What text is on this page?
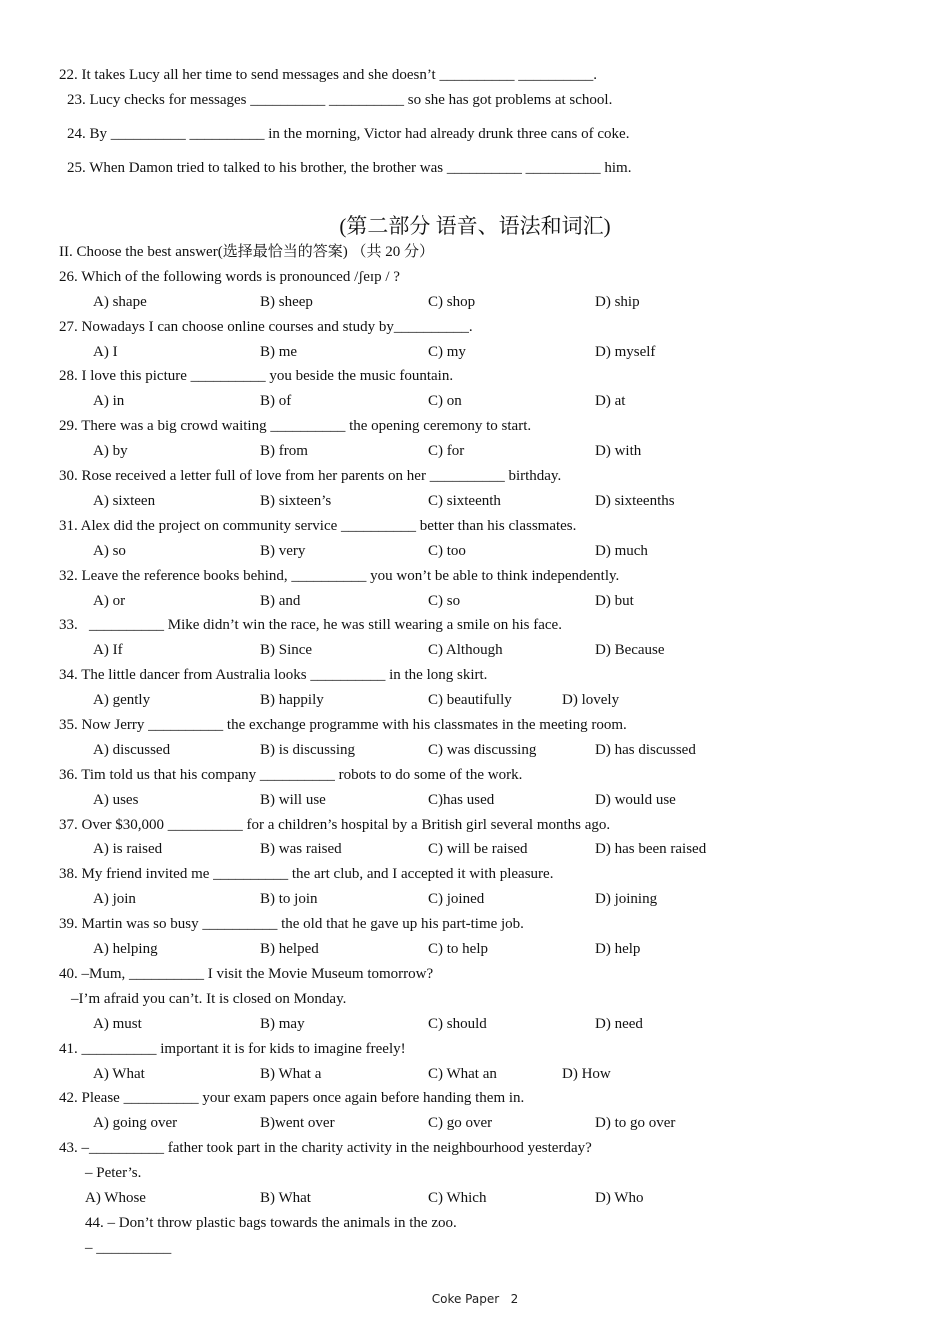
22. It takes Lucy all her time to send messages and she doesn’t __________ __________.
23. Lucy checks for messages __________ __________ so she has got problems at school.
24. By __________ __________ in the morning, Victor had already drunk three cans of coke.
25. When Damon tried to talked to his brother, the brother was __________ __________ him.
(第二部分 语音、语法和词汇)
II. Choose the best answer(选择最恰当的答案) （共 20 分）
26. Which of the following words is pronounced /ʃeɪp / ?
A) shape	B) sheep	C) shop	D) ship
27. Nowadays I can choose online courses and study by__________.
A) I	B) me	C) my	D) myself
28. I love this picture __________ you beside the music fountain.
A) in	B) of	C) on	D) at
29. There was a big crowd waiting __________ the opening ceremony to start.
A) by	B) from	C) for	D) with
30. Rose received a letter full of love from her parents on her __________ birthday.
A) sixteen	B) sixteen’s	C) sixteenth	D) sixteenths
31. Alex did the project on community service __________ better than his classmates.
A) so	B) very	C) too	D) much
32. Leave the reference books behind, __________ you won’t be able to think independently.
A) or	B) and	C) so	D) but
33.   __________ Mike didn’t win the race, he was still wearing a smile on his face.
A) If	B) Since	C) Although	D) Because
34. The little dancer from Australia looks __________ in the long skirt.
A) gently	B) happily	C) beautifully	D) lovely
35. Now Jerry __________ the exchange programme with his classmates in the meeting room.
A) discussed	B) is discussing	C) was discussing	D) has discussed
36. Tim told us that his company __________ robots to do some of the work.
A) uses	B) will use	C)has used	D) would use
37. Over $30,000 __________ for a children’s hospital by a British girl several months ago.
A) is raised	B) was raised	C) will be raised	D) has been raised
38. My friend invited me __________ the art club, and I accepted it with pleasure.
A) join	B) to join	C) joined	D) joining
39. Martin was so busy __________ the old that he gave up his part-time job.
A) helping	B) helped	C) to help	D) help
40. –Mum, __________ I visit the Movie Museum tomorrow?
–I’m afraid you can’t. It is closed on Monday.
A) must	B) may	C) should	D) need
41. __________ important it is for kids to imagine freely!
A) What	B) What a	C) What an	D) How
42. Please __________ your exam papers once again before handing them in.
A) going over	B)went over	C) go over	D) to go over
43. –__________ father took part in the charity activity in the neighbourhood yesterday?
– Peter’s.
A) Whose	B) What	C) Which	D) Who
44. – Don’t throw plastic bags towards the animals in the zoo.
– __________
Coke Paper   2
